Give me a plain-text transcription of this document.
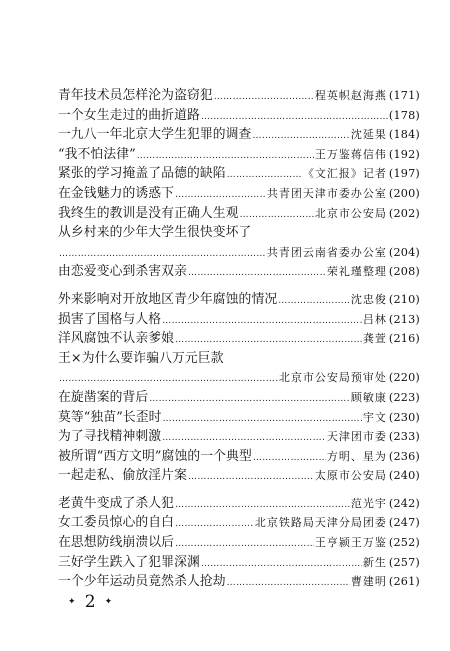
青年技术员怎样沦为盗窃犯 ……………………………………………………………………………………………………………………	程英帜 赵海燕 (171)
一个女生走过的曲折道路 ……………………………………………………………………………………………………………………	(178)
一九八一年北京大学生犯罪的调查 ……………………………………………………………………………………………………………………	沈延果 (184)
“我不怕法律” ……………………………………………………………………………………………………………………	王万鉴 蒋信伟 (192)
紧张的学习掩盖了品德的缺陷 ……………………………………………………………………………………………………………………	《文汇报》记者 (197)
在金钱魅力的诱惑下 ……………………………………………………………………………………………………………………	共青团天津市委办公室 (200)
我终生的教训是没有正确人生观 ……………………………………………………………………………………………………………………	北京市公安局 (202)
从乡村来的少年大学生很快变坏了
……………………………………………………………………………………………………………………
共青团云南省委办公室 (204)
由恋爱变心到杀害双亲 ……………………………………………………………………………………………………………………	荣礼瑾整理 (208)
外来影响对开放地区青少年腐蚀的情况 ……………………………………………………………………………………………………………………	沈忠俊 (210)
损害了国格与人格 ……………………………………………………………………………………………………………………	吕林 (213)
洋风腐蚀不认亲爹娘 ……………………………………………………………………………………………………………………	龚萱 (216)
王×为什么要诈骗八万元巨款
……………………………………………………………………………………………………………………
北京市公安局预审处 (220)
在旋凿案的背后 ……………………………………………………………………………………………………………………	顾敏康 (223)
莫等“独苗”长歪时 ……………………………………………………………………………………………………………………	宇文 (230)
为了寻找精神刺激 ……………………………………………………………………………………………………………………	天津团市委 (233)
被所谓“西方文明”腐蚀的一个典型 ……………………………………………………………………………………………………………………	方明、星为 (236)
一起走私、偷放淫片案 ……………………………………………………………………………………………………………………	太原市公安局 (240)
老黄牛变成了杀人犯 ……………………………………………………………………………………………………………………	范光宇 (242)
女工委员惊心的自白 ……………………………………………………………………………………………………………………	北京铁路局天津分局团委 (247)
在思想防线崩溃以后 ……………………………………………………………………………………………………………………	王亨颍 王万鉴 (252)
三好学生跌入了犯罪深渊 ……………………………………………………………………………………………………………………	新生 (257)
一个少年运动员竟然杀人抢劫 ……………………………………………………………………………………………………………………	曹建明 (261)
✦ 2 ✦
